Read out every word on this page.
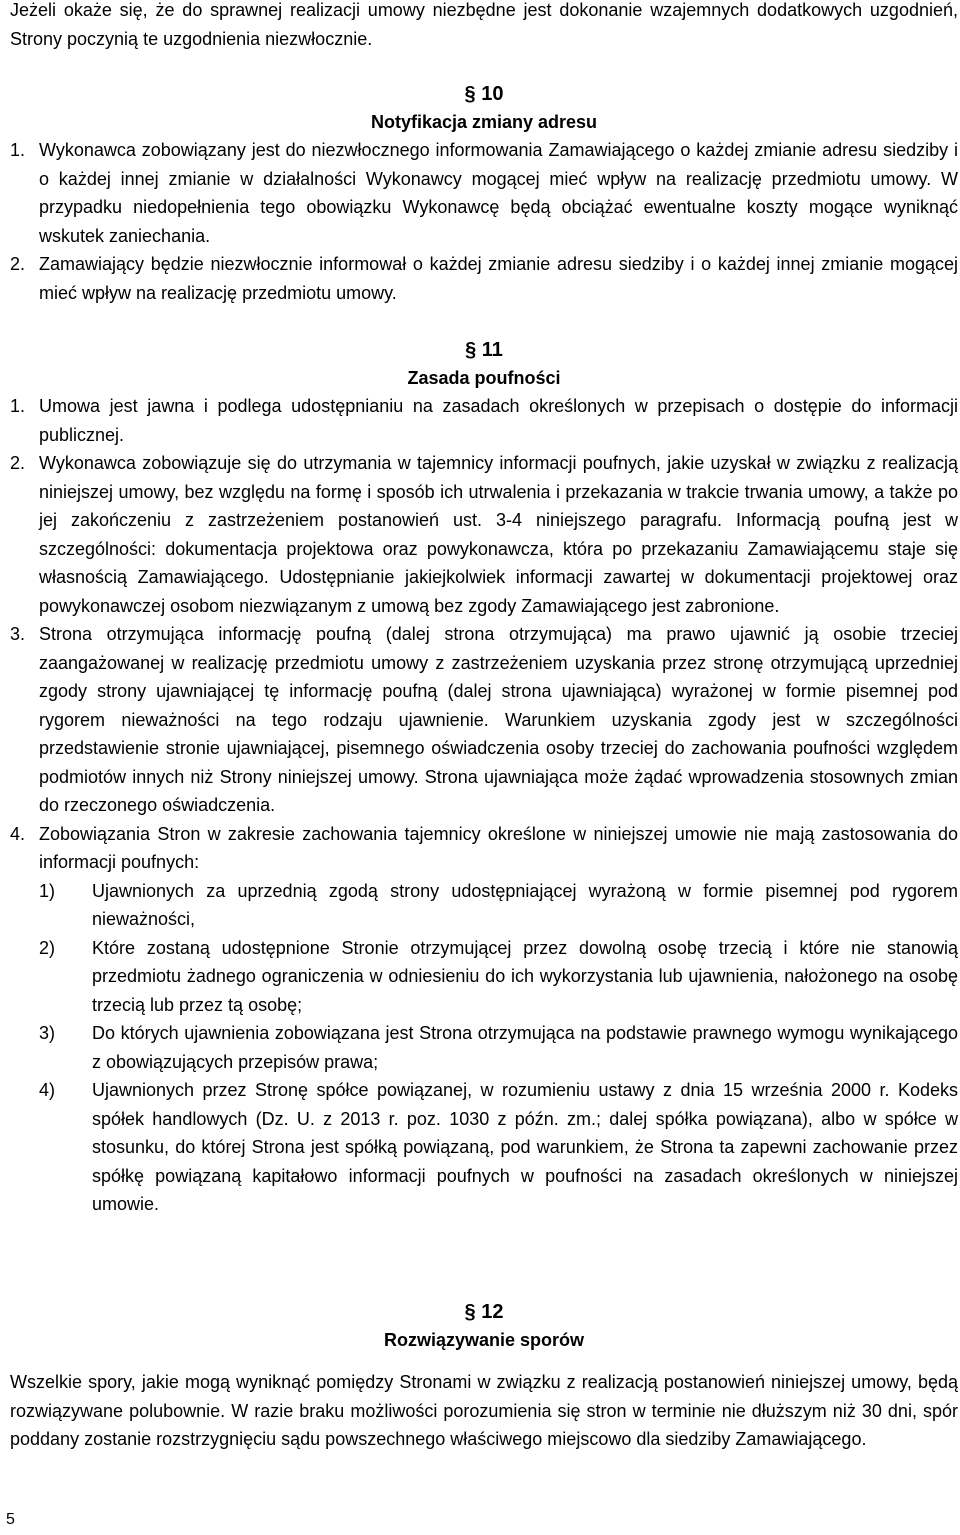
Jeżeli okaże się, że do sprawnej realizacji umowy niezbędne jest dokonanie wzajemnych dodatkowych uzgodnień, Strony poczynią te uzgodnienia niezwłocznie.

§ 10
Notyfikacja zmiany adresu
1. Wykonawca zobowiązany jest do niezwłocznego informowania Zamawiającego o każdej zmianie adresu siedziby i o każdej innej zmianie w działalności Wykonawcy mogącej mieć wpływ na realizację przedmiotu umowy. W przypadku niedopełnienia tego obowiązku Wykonawcę będą obciążać ewentualne koszty mogące wyniknąć wskutek zaniechania.
2. Zamawiający będzie niezwłocznie informował o każdej zmianie adresu siedziby i o każdej innej zmianie mogącej mieć wpływ na realizację przedmiotu umowy.
§ 11
Zasada poufności
1. Umowa jest jawna i podlega udostępnianiu na zasadach określonych w przepisach o dostępie do informacji publicznej.
2. Wykonawca zobowiązuje się do utrzymania w tajemnicy informacji poufnych, jakie uzyskał w związku z realizacją niniejszej umowy, bez względu na formę i sposób ich utrwalenia i przekazania w trakcie trwania umowy, a także po jej zakończeniu z zastrzeżeniem postanowień ust. 3-4 niniejszego paragrafu. Informacją poufną jest w szczególności: dokumentacja projektowa oraz powykonawcza, która po przekazaniu Zamawiającemu staje się własnością Zamawiającego. Udostępnianie jakiejkolwiek informacji zawartej w dokumentacji projektowej oraz powykonawczej osobom niezwiązanym z umową bez zgody Zamawiającego jest zabronione.
3. Strona otrzymująca informację poufną (dalej strona otrzymująca) ma prawo ujawnić ją osobie trzeciej zaangażowanej w realizację przedmiotu umowy z zastrzeżeniem uzyskania przez stronę otrzymującą uprzedniej zgody strony ujawniającej tę informację poufną (dalej strona ujawniająca) wyrażonej w formie pisemnej pod rygorem nieważności na tego rodzaju ujawnienie. Warunkiem uzyskania zgody jest w szczególności przedstawienie stronie ujawniającej, pisemnego oświadczenia osoby trzeciej do zachowania poufności względem podmiotów innych niż Strony niniejszej umowy. Strona ujawniająca może żądać wprowadzenia stosownych zmian do rzeczonego oświadczenia.
4. Zobowiązania Stron w zakresie zachowania tajemnicy określone w niniejszej umowie nie mają zastosowania do informacji poufnych:
1) Ujawnionych za uprzednią zgodą strony udostępniającej wyrażoną w formie pisemnej pod rygorem nieważności,
2) Które zostaną udostępnione Stronie otrzymującej przez dowolną osobę trzecią i które nie stanowią przedmiotu żadnego ograniczenia w odniesieniu do ich wykorzystania lub ujawnienia, nałożonego na osobę trzecią lub przez tą osobę;
3) Do których ujawnienia zobowiązana jest Strona otrzymująca na podstawie prawnego wymogu wynikającego z obowiązujących przepisów prawa;
4) Ujawnionych przez Stronę spółce powiązanej, w rozumieniu ustawy z dnia 15 września 2000 r. Kodeks spółek handlowych (Dz. U. z 2013 r. poz. 1030 z późn. zm.; dalej spółka powiązana), albo w spółce w stosunku, do której Strona jest spółką powiązaną, pod warunkiem, że Strona ta zapewni zachowanie przez spółkę powiązaną kapitałowo informacji poufnych w poufności na zasadach określonych w niniejszej umowie.
§ 12
Rozwiązywanie sporów

Wszelkie spory, jakie mogą wyniknąć pomiędzy Stronami w związku z realizacją postanowień niniejszej umowy, będą rozwiązywane polubownie. W razie braku możliwości porozumienia się stron w terminie nie dłuższym niż 30 dni, spór poddany zostanie rozstrzygnięciu sądu powszechnego właściwego miejscowo dla siedziby Zamawiającego.

5
